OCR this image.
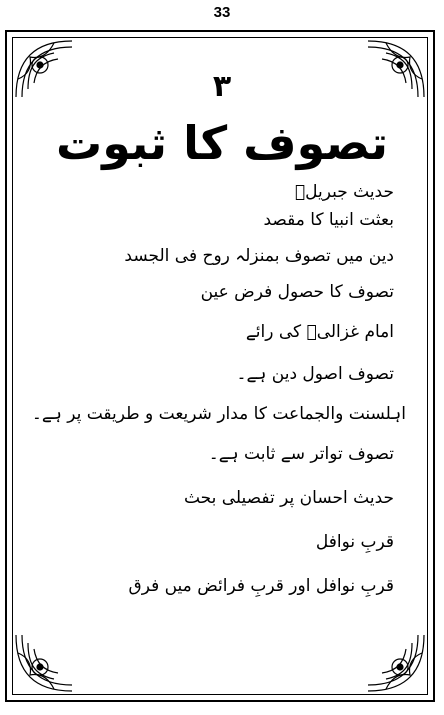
33
۳
تصوف کا ثبوت
حدیث جبریلؑ
بعثت انبیا کا مقصد
دین میں تصوف بمنزلہ روح فی الجسد
تصوف کا حصول فرض عین
امام غزالیؒ کی رائے
تصوف اصول دین ہے۔
اہلسنت والجماعت کا مدار شریعت و طریقت پر ہے۔
تصوف تواتر سے ثابت ہے۔
حدیث احسان پر تفصیلی بحث
قربِ نوافل
قربِ نوافل اور قربِ فرائض میں فرق
